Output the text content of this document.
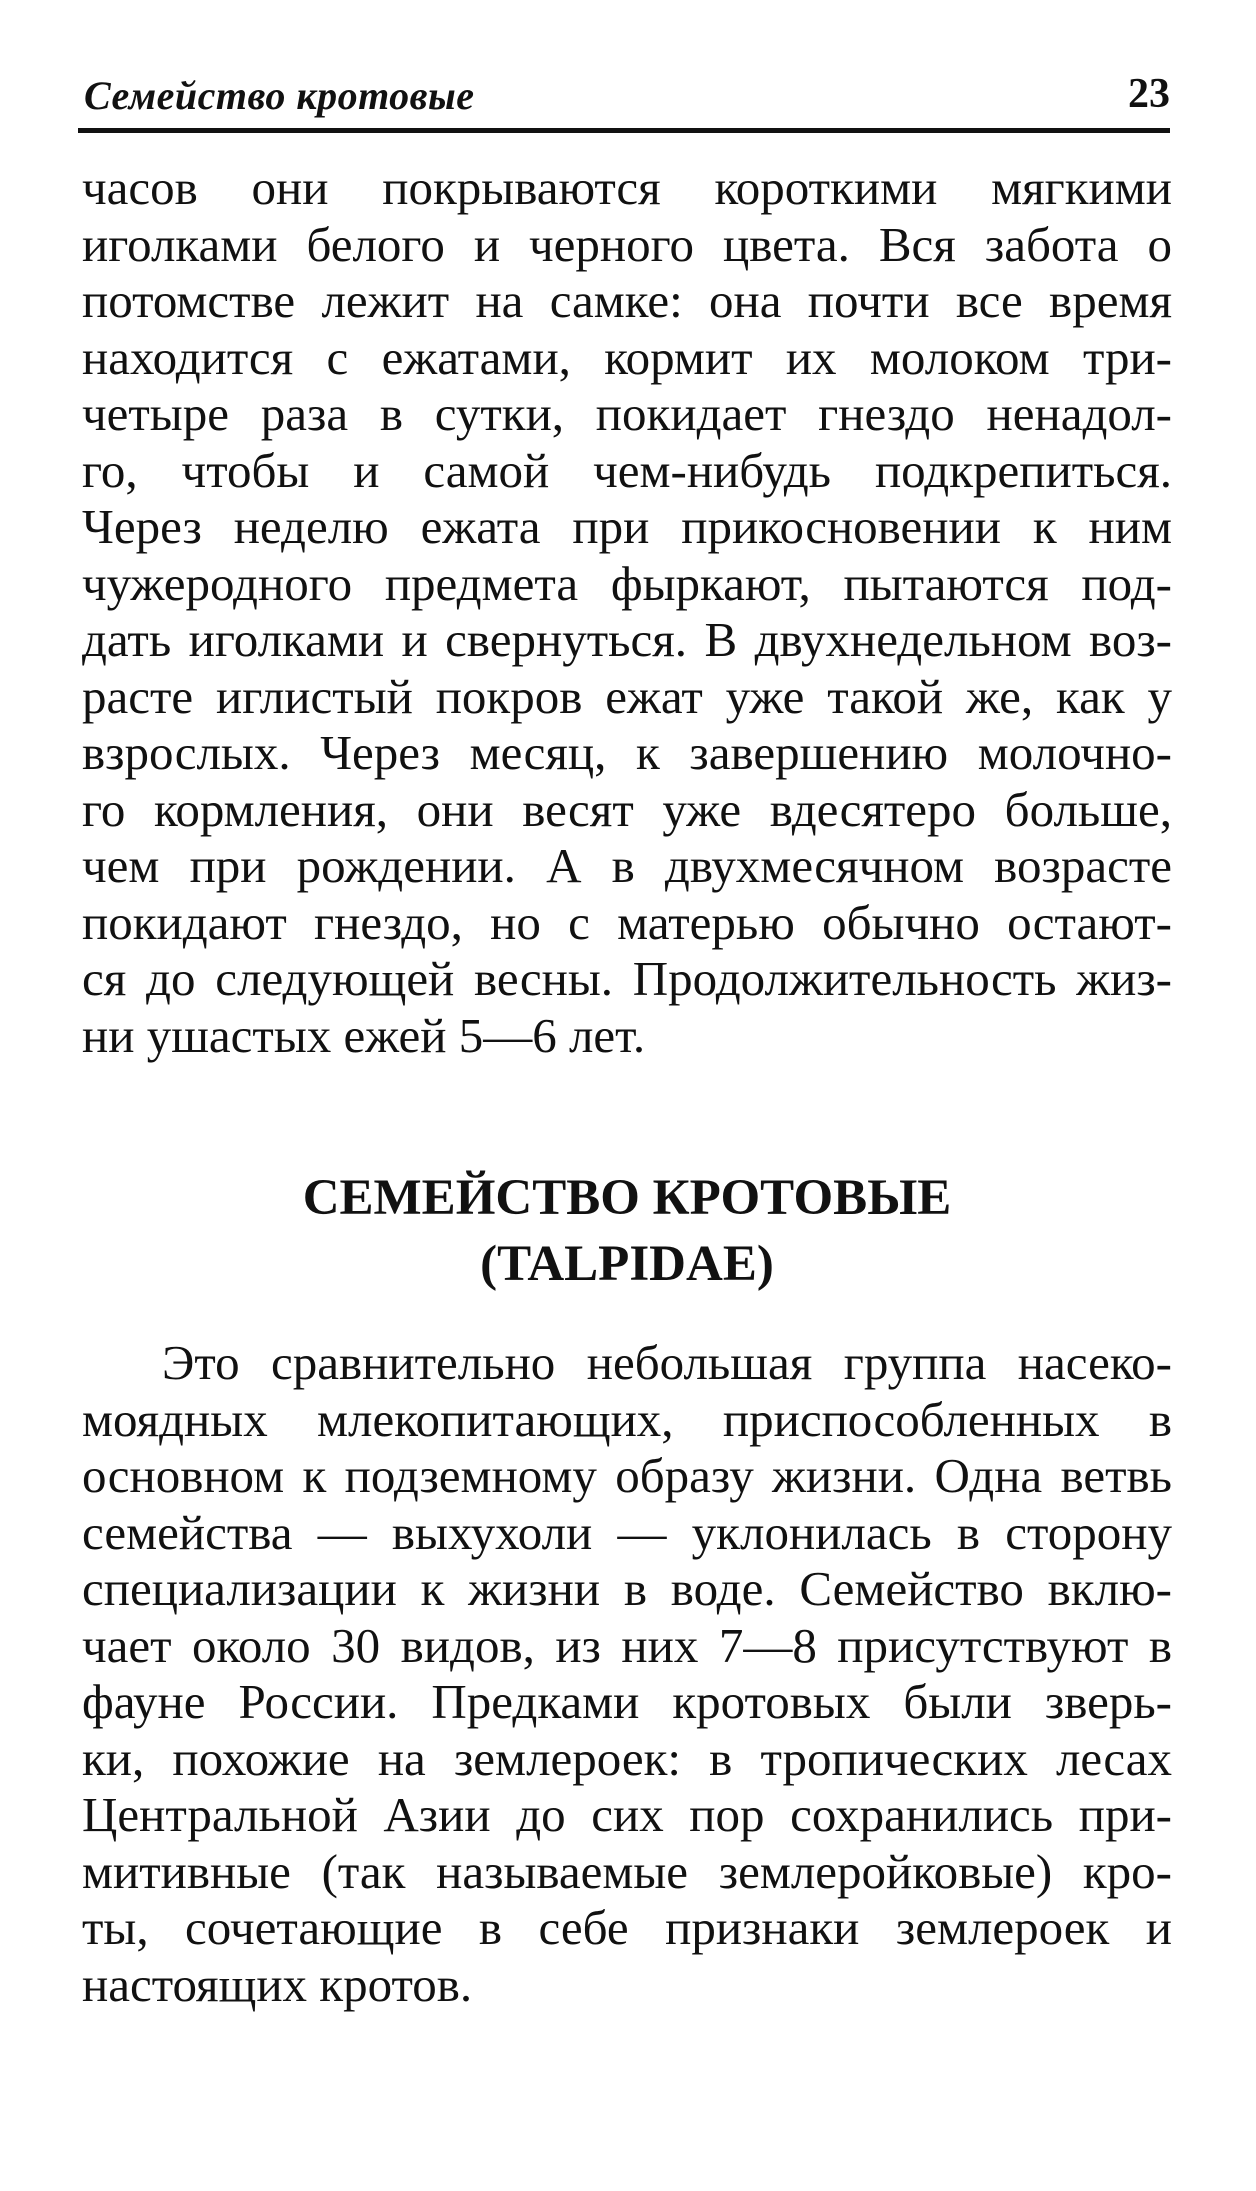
Семейство кротовые	23
часов они покрываются короткими мягкими
иголками белого и черного цвета. Вся забота о
потомстве лежит на самке: она почти все время
находится с ежатами, кормит их молоком три-
четыре раза в сутки, покидает гнездо ненадол-
го, чтобы и самой чем-нибудь подкрепиться.
Через неделю ежата при прикосновении к ним
чужеродного предмета фыркают, пытаются под-
дать иголками и свернуться. В двухнедельном воз-
расте иглистый покров ежат уже такой же, как у
взрослых. Через месяц, к завершению молочно-
го кормления, они весят уже вдесятеро больше,
чем при рождении. А в двухмесячном возрасте
покидают гнездо, но с матерью обычно остают-
ся до следующей весны. Продолжительность жиз-
ни ушастых ежей 5—6 лет.
СЕМЕЙСТВО КРОТОВЫЕ
(TALPIDAE)
Это сравнительно небольшая группа насеко-
моядных млекопитающих, приспособленных в
основном к подземному образу жизни. Одна ветвь
семейства — выхухоли — уклонилась в сторону
специализации к жизни в воде. Семейство вклю-
чает около 30 видов, из них 7—8 присутствуют в
фауне России. Предками кротовых были зверь-
ки, похожие на землероек: в тропических лесах
Центральной Азии до сих пор сохранились при-
митивные (так называемые землеройковые) кро-
ты, сочетающие в себе признаки землероек и
настоящих кротов.
